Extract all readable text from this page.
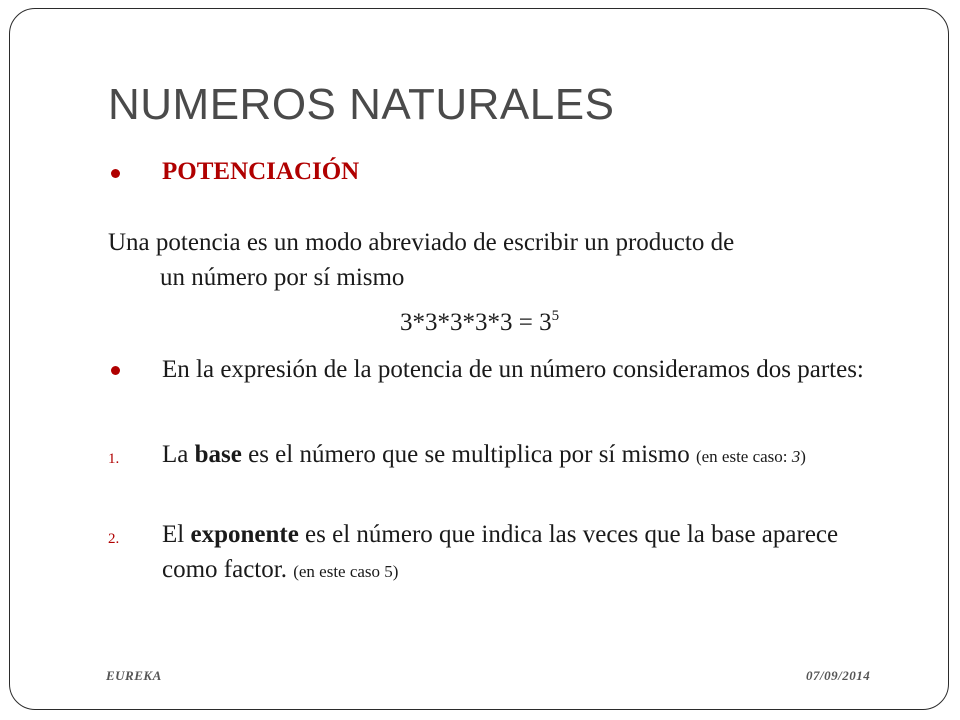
NUMEROS NATURALES
POTENCIACIÓN
Una potencia es un modo abreviado de escribir un producto de
un número por sí mismo
$3*3*3*3*3 = 3^5$
En la expresión de la potencia de un número consideramos dos partes:
1. La base es el número que se multiplica por sí mismo (en este caso: 3)
2. El exponente es el número que indica las veces que la base aparece como factor. (en este caso 5)
EUREKA	07/09/2014
